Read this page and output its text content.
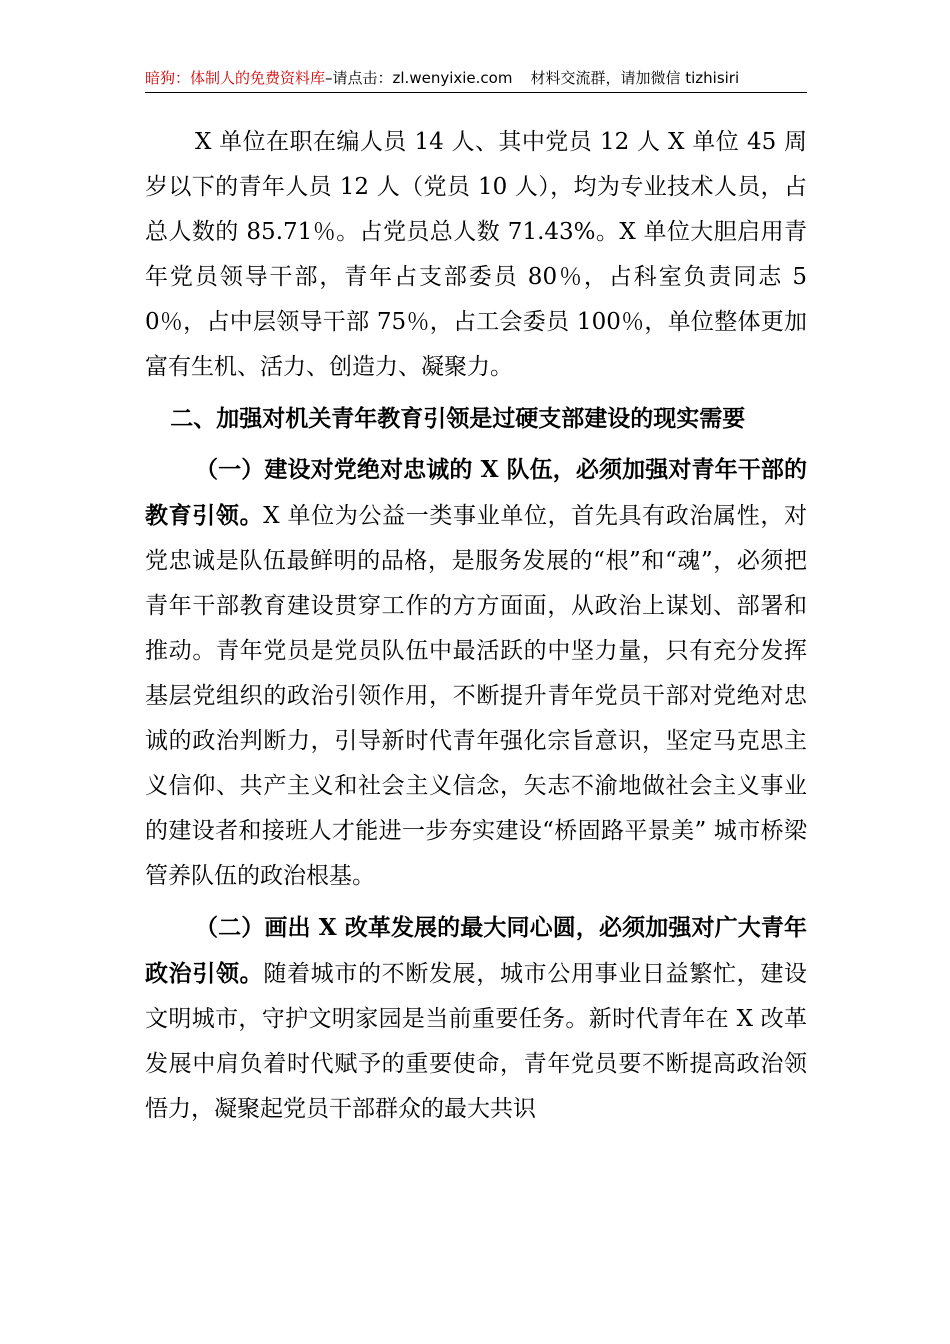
暗狗：体制人的免费资料库–请点击：zl.wenyixie.com 材料交流群，请加微信 tizhisiri

X 单位在职在编人员 14 人、其中党员 12 人 X 单位 45 周岁以下的青年人员 12 人（党员 10 人），均为专业技术人员，占总人数的 85.71％。占党员总人数 71.43%。X 单位大胆启用青年党员领导干部，青年占支部委员 80％，占科室负责同志 50％，占中层领导干部 75％，占工会委员 100％，单位整体更加富有生机、活力、创造力、凝聚力。

二、加强对机关青年教育引领是过硬支部建设的现实需要

（一）建设对党绝对忠诚的 X 队伍，必须加强对青年干部的教育引领。X 单位为公益一类事业单位，首先具有政治属性，对党忠诚是队伍最鲜明的品格，是服务发展的“根”和“魂”，必须把青年干部教育建设贯穿工作的方方面面，从政治上谋划、部署和推动。青年党员是党员队伍中最活跃的中坚力量，只有充分发挥基层党组织的政治引领作用，不断提升青年党员干部对党绝对忠诚的政治判断力，引导新时代青年强化宗旨意识，坚定马克思主义信仰、共产主义和社会主义信念，矢志不渝地做社会主义事业的建设者和接班人才能进一步夯实建设“桥固路平景美” 城市桥梁管养队伍的政治根基。

（二）画出 X 改革发展的最大同心圆，必须加强对广大青年政治引领。随着城市的不断发展，城市公用事业日益繁忙，建设文明城市，守护文明家园是当前重要任务。新时代青年在 X 改革发展中肩负着时代赋予的重要使命，青年党员要不断提高政治领悟力，凝聚起党员干部群众的最大共识
